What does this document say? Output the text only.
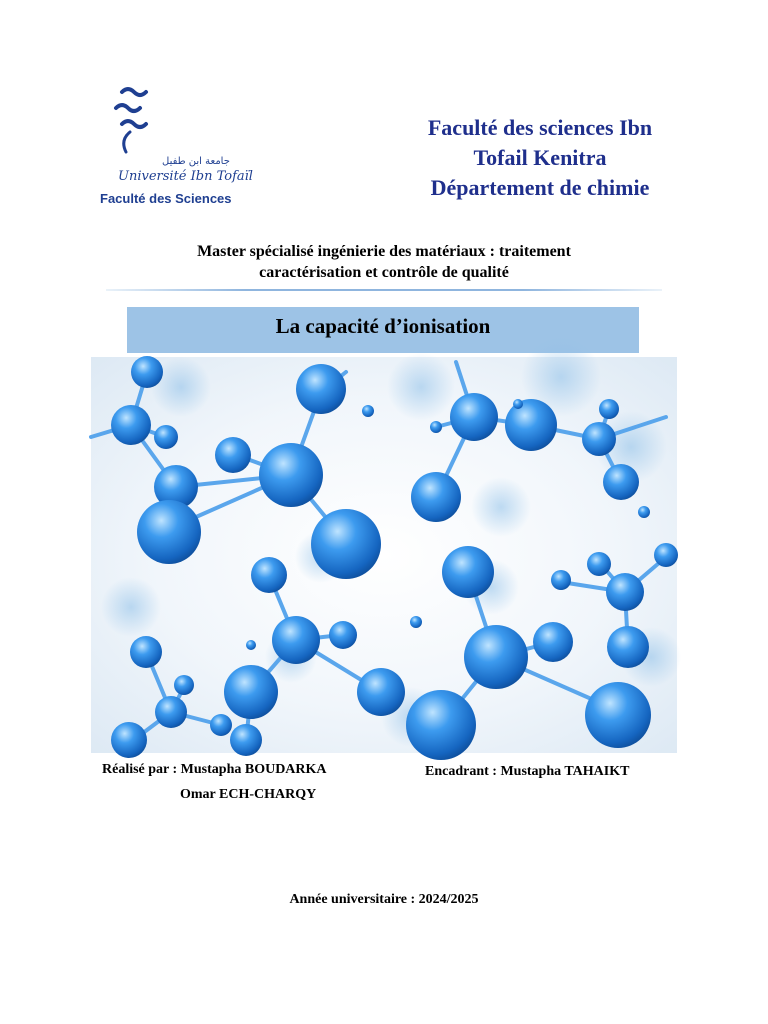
جامعة ابن طفيل
Université Ibn Tofaïl
Faculté des Sciences
Faculté des sciences Ibn
Tofail Kenitra
Département de chimie
Master spécialisé ingénierie des matériaux : traitement
caractérisation et contrôle de qualité
La capacité d’ionisation
Réalisé par : Mustapha BOUDARKA
Omar ECH-CHARQY
Encadrant : Mustapha TAHAIKT
Année universitaire : 2024/2025
